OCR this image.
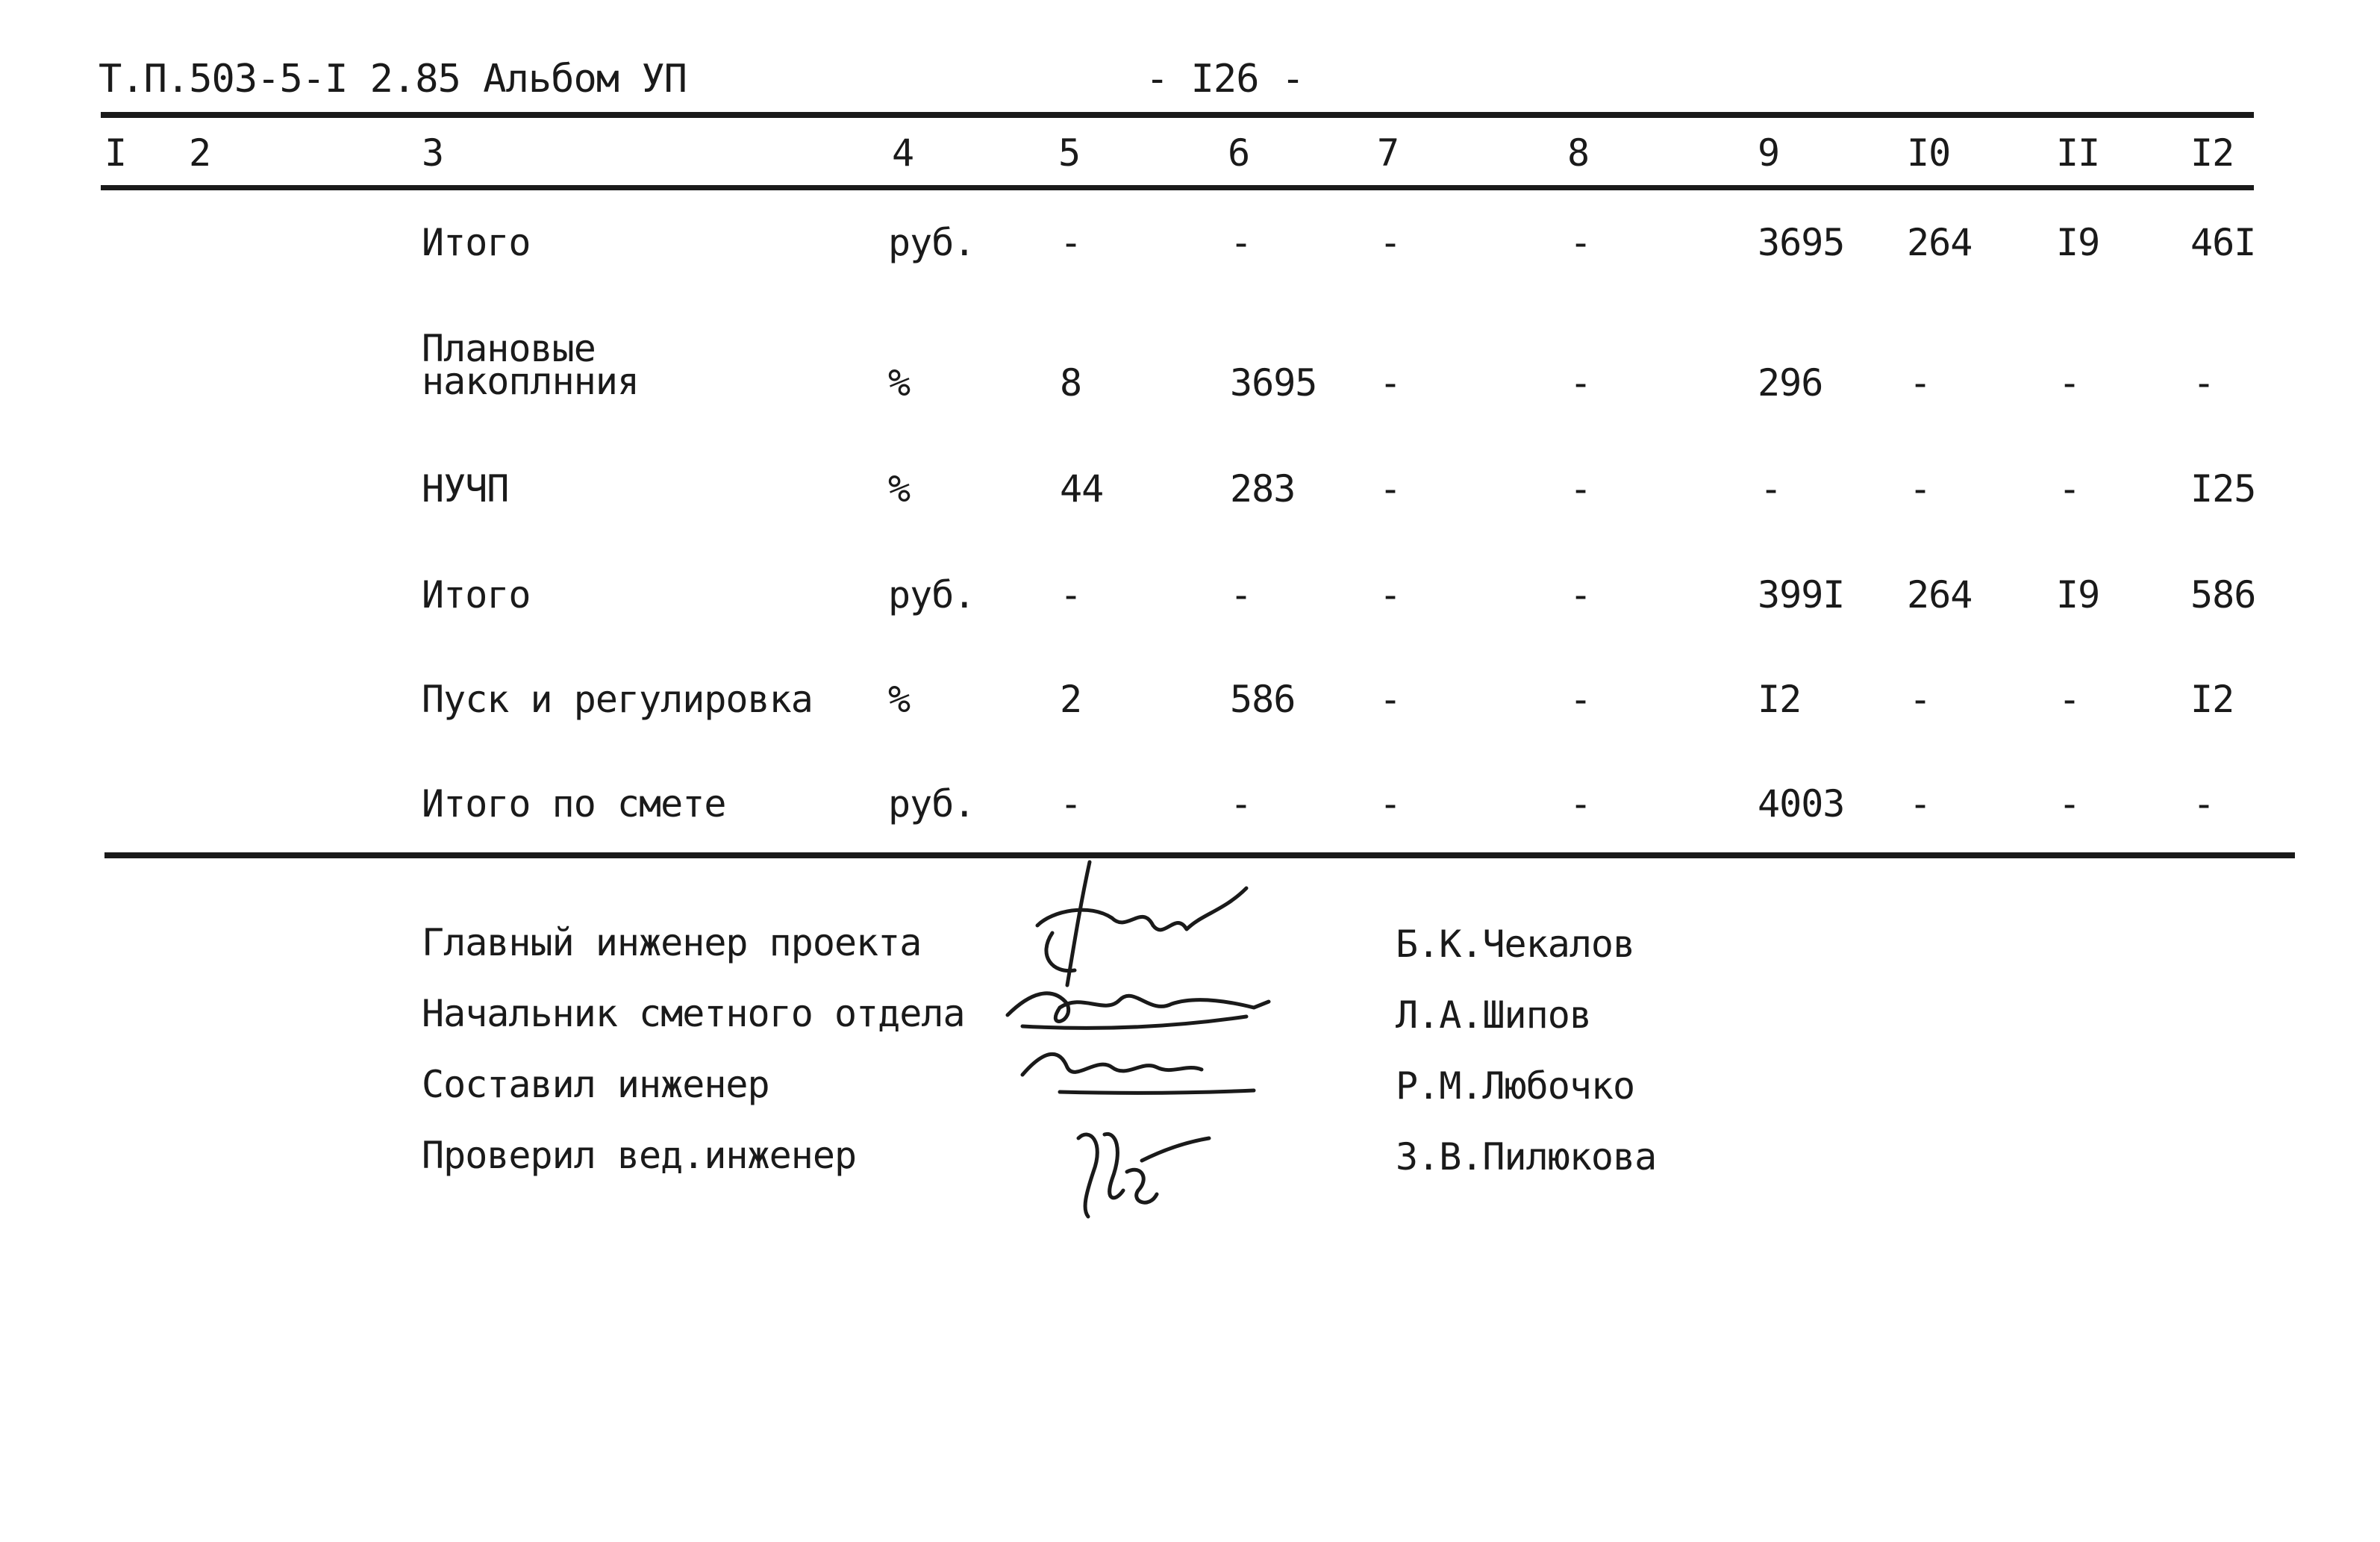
Т.П.503-5-I 2.85 Альбом УП	- I26 -
I 2	3	4	5	6	7	8	9	I0	II I2
Итого	руб. -	-	-	-	3695 264 I9 46I
Плановые
накоплнния	%	8	3695 -	-	296 -	-	-
НУЧП	%	44	283 -	-	-	-	-	I25
Итого	руб. -	-	-	-	399I 264 I9 586
Пуск и регулировка %	2	586 -	-	I2	-	-	I2
Итого по смете	руб. -	-	-	-	4003 -	-	-
Главный инженер проекта	Б.К.Чекалов
Начальник сметного отдела	Л.А.Шипов
Составил инженер	Р.М.Любочко
Проверил вед.инженер	З.В.Пилюкова
